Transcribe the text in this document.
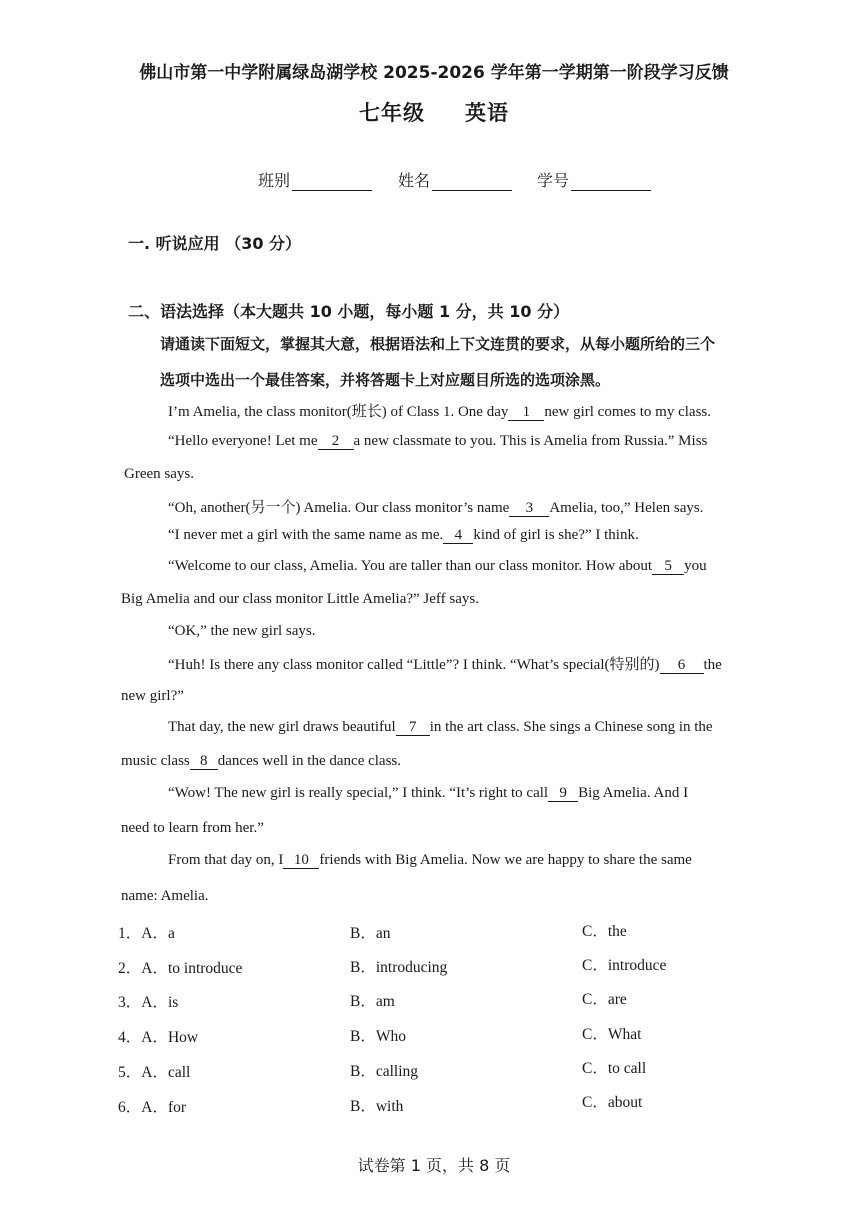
佛山市第一中学附属绿岛湖学校 2025-2026 学年第一学期第一阶段学习反馈
七年级 英语
班别	姓名	学号
一. 听说应用 （30 分）
二、语法选择（本大题共 10 小题，每小题 1 分，共 10 分）
请通读下面短文，掌握其大意，根据语法和上下文连贯的要求，从每小题所给的三个
选项中选出一个最佳答案，并将答题卡上对应题目所选的选项涂黑。
I’m Amelia, the class monitor(班长) of Class 1. One day 1 new girl comes to my class.
“Hello everyone! Let me 2 a new classmate to you. This is Amelia from Russia.” Miss
Green says.
“Oh, another(另一个) Amelia. Our class monitor’s name 3 Amelia, too,” Helen says.
“I never met a girl with the same name as me. 4 kind of girl is she?” I think.
“Welcome to our class, Amelia. You are taller than our class monitor. How about 5 you
Big Amelia and our class monitor Little Amelia?” Jeff says.
“OK,” the new girl says.
“Huh! Is there any class monitor called “Little”? I think. “What’s special(特别的) 6 the
new girl?”
That day, the new girl draws beautiful 7 in the art class. She sings a Chinese song in the
music class 8 dances well in the dance class.
“Wow! The new girl is really special,” I think. “It’s right to call 9 Big Amelia. And I
need to learn from her.”
From that day on, I 10 friends with Big Amelia. Now we are happy to share the same
name: Amelia.
1．A．a	B．an	C．the
2．A．to introduce	B．introducing	C．introduce
3．A．is	B．am	C．are
4．A．How	B．Who	C．What
5．A．call	B．calling	C．to call
6．A．for	B．with	C．about
试卷第 1 页，共 8 页
